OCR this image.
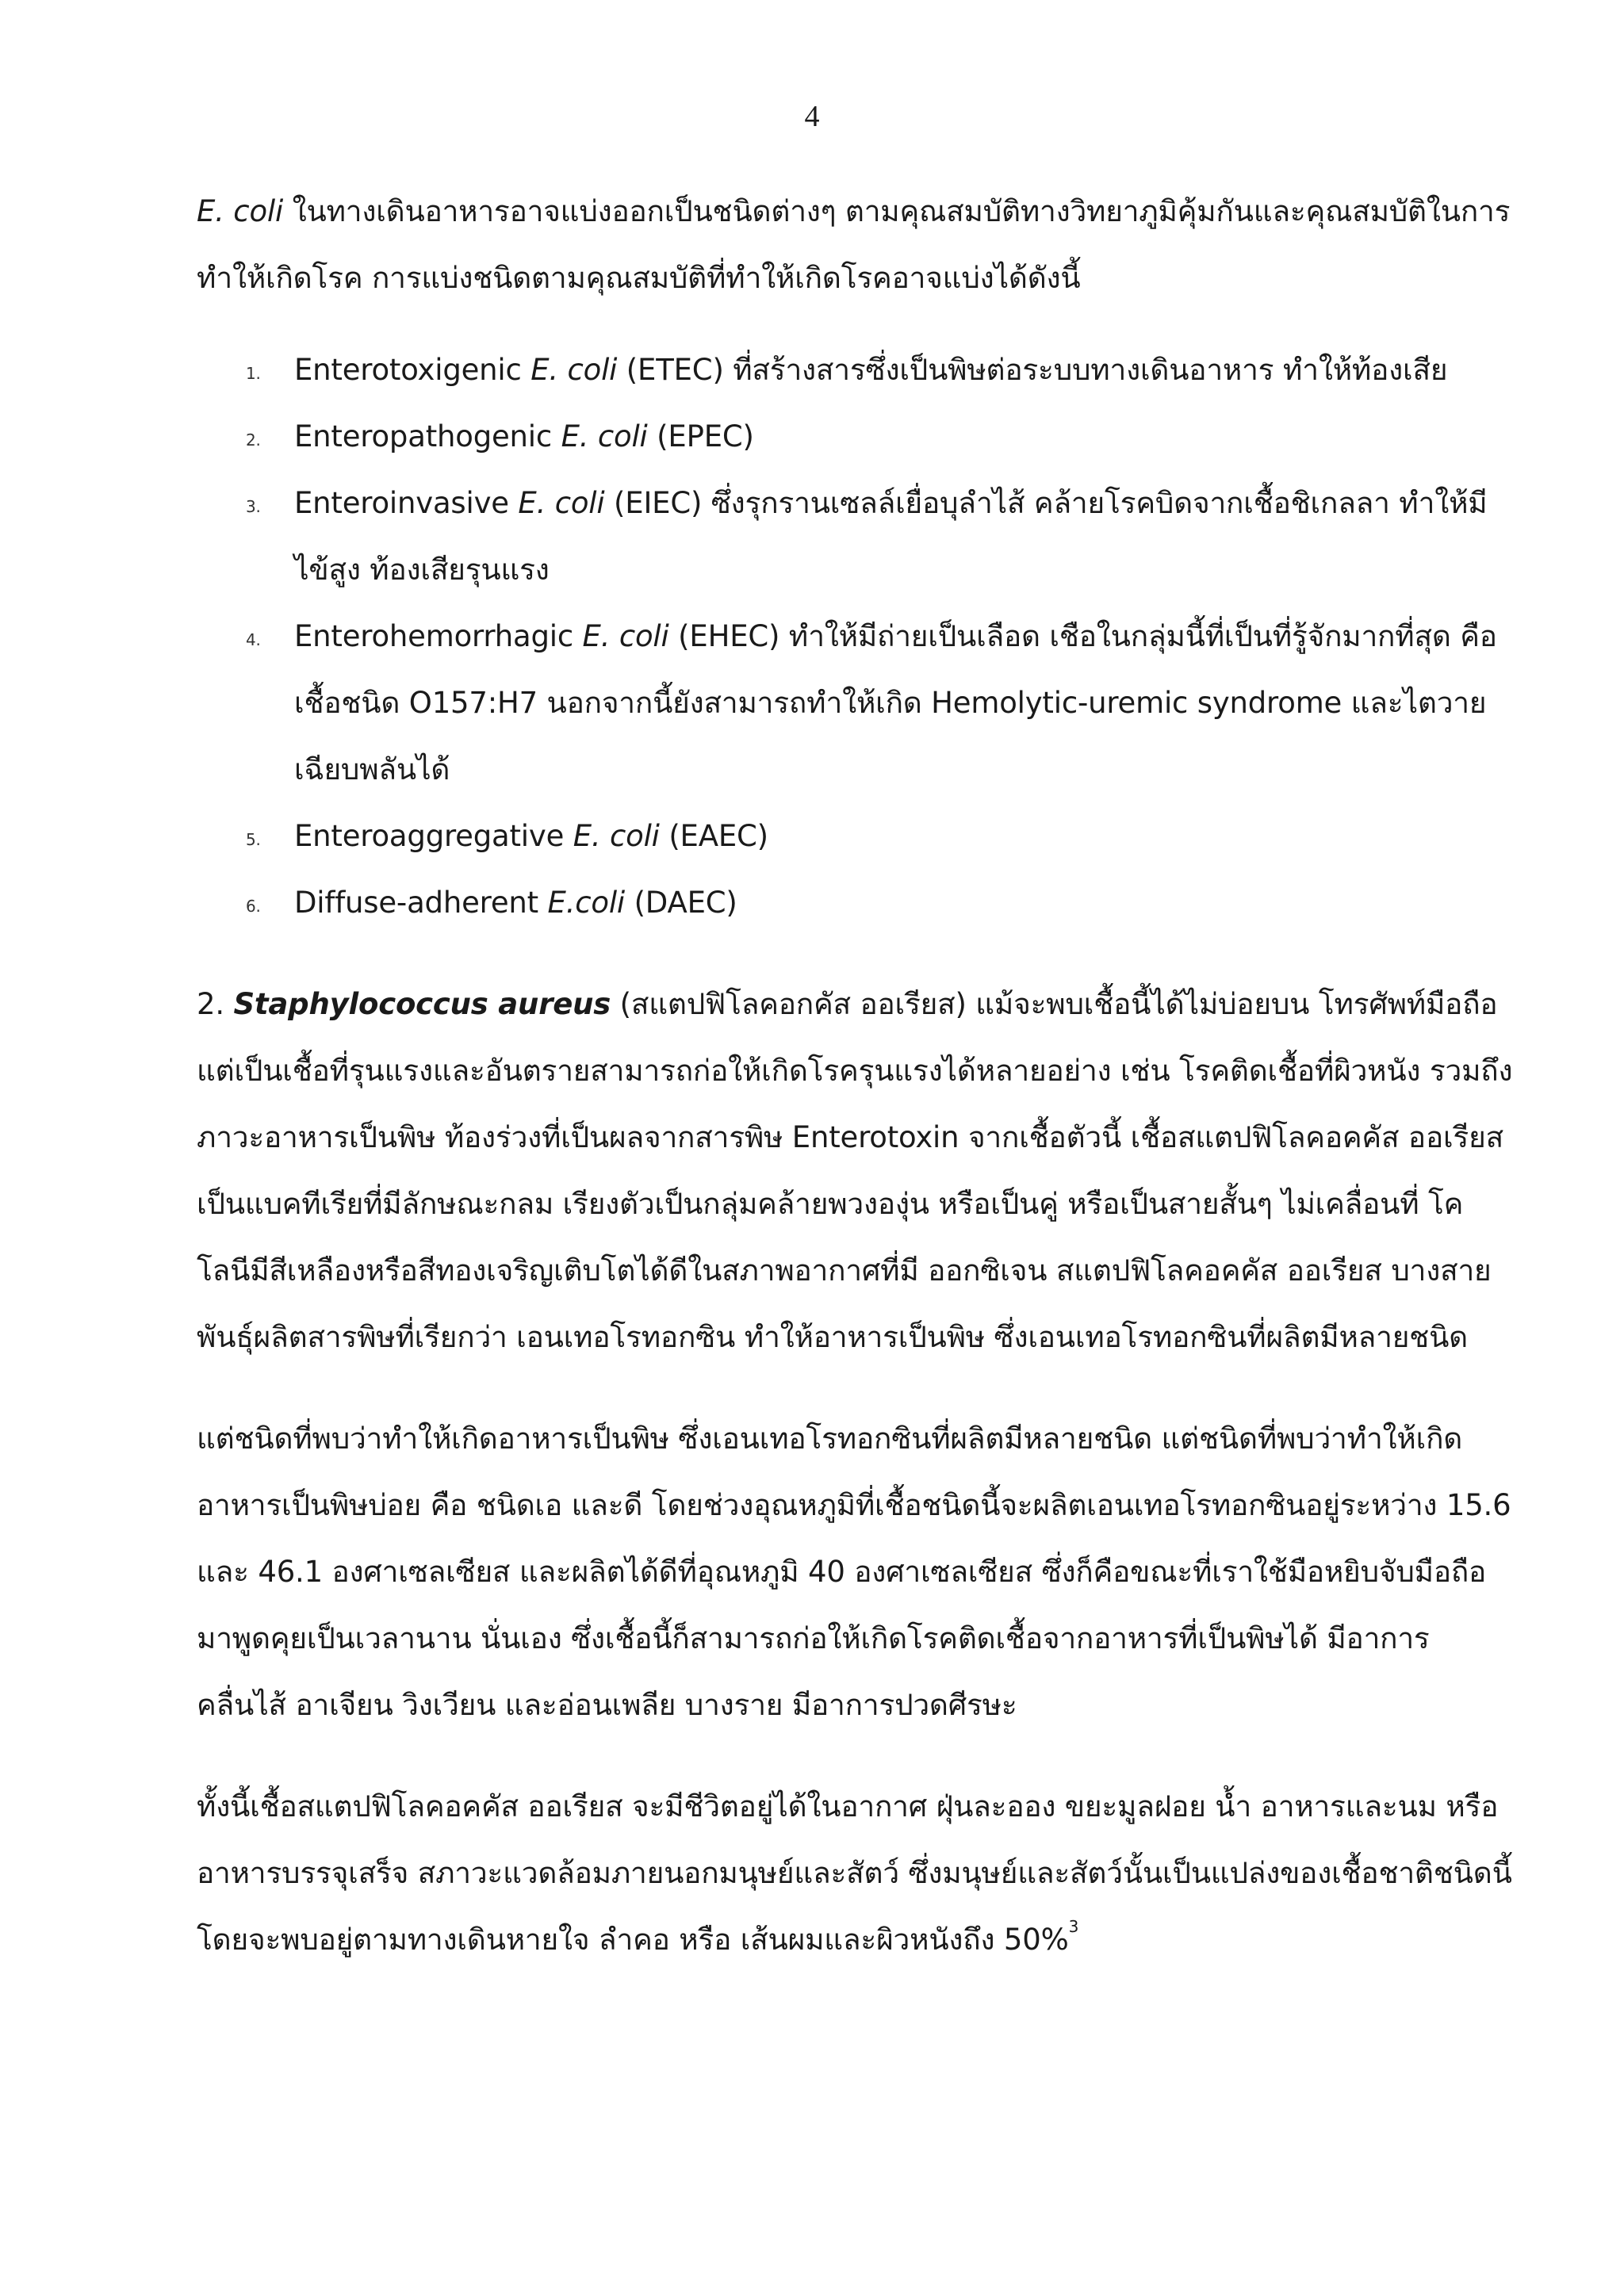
4

E. coli ในทางเดินอาหารอาจแบ่งออกเป็นชนิดต่างๆ ตามคุณสมบัติทางวิทยาภูมิคุ้มกันและคุณสมบัติในการทำให้เกิดโรค การแบ่งชนิดตามคุณสมบัติที่ทำให้เกิดโรคอาจแบ่งได้ดังนี้

1. Enterotoxigenic E. coli (ETEC) ที่สร้างสารซึ่งเป็นพิษต่อระบบทางเดินอาหาร ทำให้ท้องเสีย
2. Enteropathogenic E. coli (EPEC)
3. Enteroinvasive E. coli (EIEC) ซึ่งรุกรานเซลล์เยื่อบุลำไส้ คล้ายโรคบิดจากเชื้อชิเกลลา ทำให้มีไข้สูง ท้องเสียรุนแรง
4. Enterohemorrhagic E. coli (EHEC) ทำให้มีถ่ายเป็นเลือด เชือในกลุ่มนี้ที่เป็นที่รู้จักมากที่สุด คือเชื้อชนิด O157:H7 นอกจากนี้ยังสามารถทำให้เกิด Hemolytic-uremic syndrome และไตวายเฉียบพลันได้
5. Enteroaggregative E. coli (EAEC)
6. Diffuse-adherent E.coli (DAEC)

2. Staphylococcus aureus (สแตปฟิโลคอกคัส ออเรียส) แม้จะพบเชื้อนี้ได้ไม่บ่อยบน โทรศัพท์มือถือ แต่เป็นเชื้อที่รุนแรงและอันตรายสามารถก่อให้เกิดโรครุนแรงได้หลายอย่าง เช่น โรคติดเชื้อที่ผิวหนัง รวมถึงภาวะอาหารเป็นพิษ ท้องร่วงที่เป็นผลจากสารพิษ Enterotoxin จากเชื้อตัวนี้ เชื้อสแตปฟิโลคอคคัส ออเรียส เป็นแบคทีเรียที่มีลักษณะกลม เรียงตัวเป็นกลุ่มคล้ายพวงองุ่น หรือเป็นคู่ หรือเป็นสายสั้นๆ ไม่เคลื่อนที่ โคโลนีมีสีเหลืองหรือสีทองเจริญเติบโตได้ดีในสภาพอากาศที่มี ออกซิเจน สแตปฟิโลคอคคัส ออเรียส บางสายพันธุ์ผลิตสารพิษที่เรียกว่า เอนเทอโรทอกซิน ทำให้อาหารเป็นพิษ ซึ่งเอนเทอโรทอกซินที่ผลิตมีหลายชนิด

แต่ชนิดที่พบว่าทำให้เกิดอาหารเป็นพิษ ซึ่งเอนเทอโรทอกซินที่ผลิตมีหลายชนิด แต่ชนิดที่พบว่าทำให้เกิดอาหารเป็นพิษบ่อย คือ ชนิดเอ และดี โดยช่วงอุณหภูมิที่เชื้อชนิดนี้จะผลิตเอนเทอโรทอกซินอยู่ระหว่าง 15.6 และ 46.1 องศาเซลเซียส และผลิตได้ดีที่อุณหภูมิ 40 องศาเซลเซียส ซึ่งก็คือขณะที่เราใช้มือหยิบจับมือถือมาพูดคุยเป็นเวลานาน นั่นเอง ซึ่งเชื้อนี้ก็สามารถก่อให้เกิดโรคติดเชื้อจากอาหารที่เป็นพิษได้ มีอาการ คลื่นไส้ อาเจียน วิงเวียน และอ่อนเพลีย บางราย มีอาการปวดศีรษะ

ทั้งนี้เชื้อสแตปฟิโลคอคคัส ออเรียส จะมีชีวิตอยู่ได้ในอากาศ ฝุ่นละออง ขยะมูลฝอย น้ำ อาหารและนม หรืออาหารบรรจุเสร็จ สภาวะแวดล้อมภายนอกมนุษย์และสัตว์ ซึ่งมนุษย์และสัตว์นั้นเป็นแปล่งของเชื้อชาติชนิดนี้โดยจะพบอยู่ตามทางเดินหายใจ ลำคอ หรือ เส้นผมและผิวหนังถึง 50%$^3$
